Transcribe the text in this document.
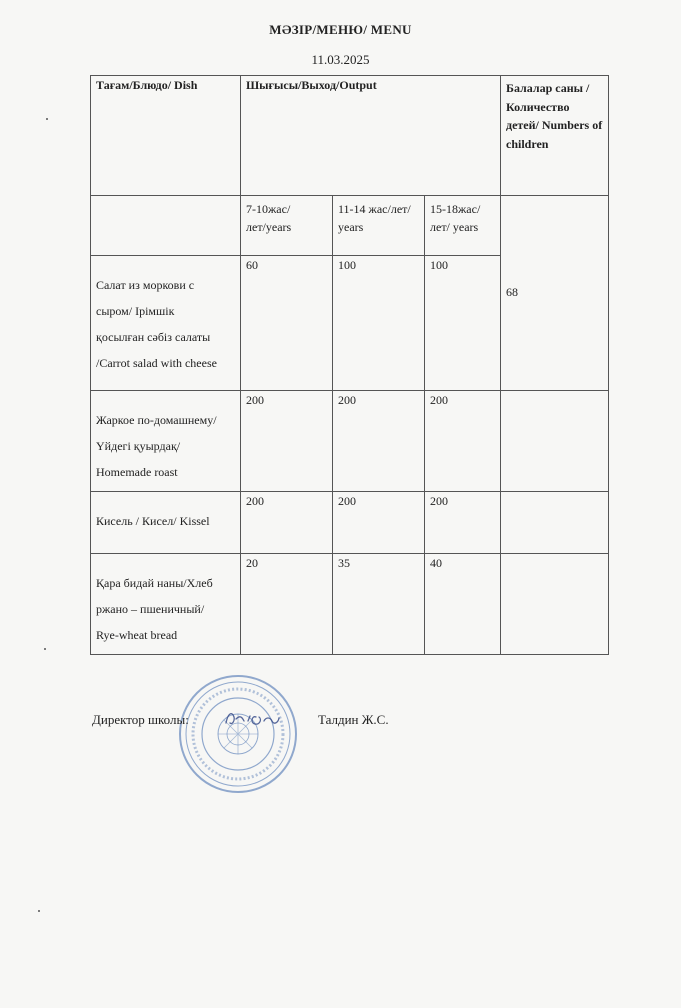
МӘЗІР/МЕНЮ/ MENU
11.03.2025
Тағам/Блюдо/ Dish	Шығысы/Выход/Output			Балалар саны /Количество детей/ Numbers of children
	7-10жас/лет/years	11-14 жас/лет/ years	15-18жас/лет/ years	68

Салат из моркови с
сыром/ Ірімшік
қосылған сәбіз салаты
/Carrot salad with cheese	60	100	100	

Жаркое по-домашнему/
Үйдегі қуырдақ/
Homemade roast	200	200	200	

Кисель / Кисел/ Kissel	200	200	200	

Қара бидай наны/Хлеб
ржано – пшеничный/
Rye-wheat bread	20	35	40	
Директор школы:	Талдин Ж.С.
